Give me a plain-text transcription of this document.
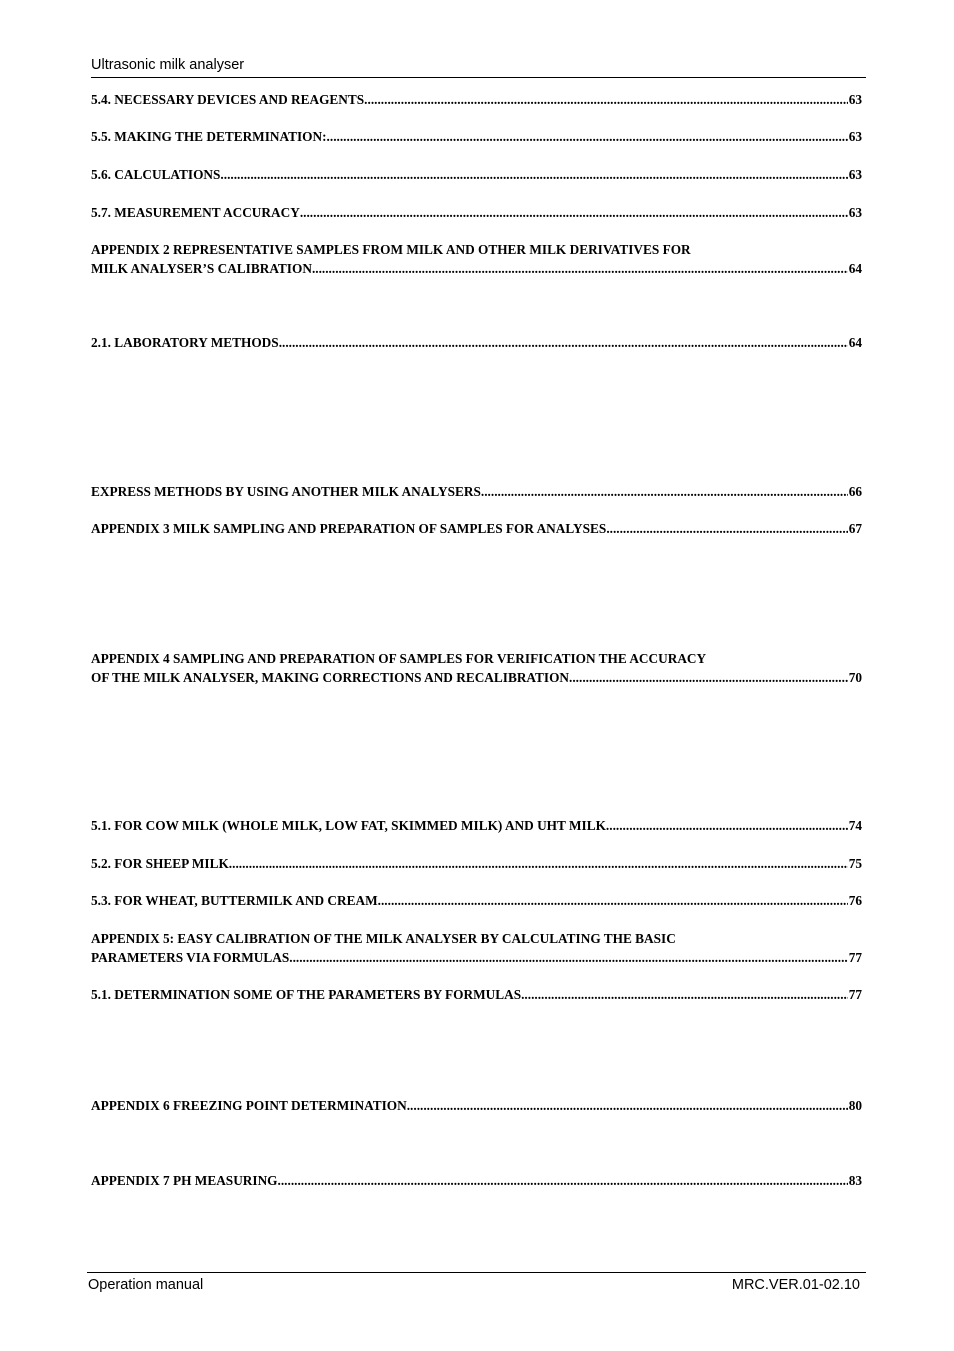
Ultrasonic milk analyser
5.4. NECESSARY DEVICES AND REAGENTS .....	63
5.5. MAKING THE DETERMINATION: .....	63
5.6. CALCULATIONS .....	63
5.7. MEASUREMENT ACCURACY .....	63
APPENDIX 2 REPRESENTATIVE SAMPLES FROM MILK AND OTHER MILK DERIVATIVES FOR
MILK ANALYSER’S CALIBRATION .....	64
2.1. LABORATORY METHODS .....	64
EXPRESS METHODS BY USING ANOTHER MILK ANALYSERS .....	66
APPENDIX 3 MILK SAMPLING AND PREPARATION OF SAMPLES FOR ANALYSES .....	67
APPENDIX 4 SAMPLING AND PREPARATION OF SAMPLES FOR VERIFICATION THE ACCURACY
OF THE MILK ANALYSER, MAKING CORRECTIONS AND RECALIBRATION. .....	70
5.1. FOR COW MILK (WHOLE MILK, LOW FAT, SKIMMED MILK) AND UHT MILK .....	74
5.2. FOR SHEEP MILK .....	75
5.3. FOR WHEAT, BUTTERMILK AND CREAM .....	76
APPENDIX 5: EASY CALIBRATION OF THE MILK ANALYSER BY CALCULATING THE BASIC
PARAMETERS VIA FORMULAS .....	77
5.1. DETERMINATION SOME OF THE PARAMETERS BY FORMULAS .....	77
APPENDIX 6 FREEZING POINT DETERMINATION .....	80
APPENDIX 7 PH MEASURING .....	83
Operation manual	MRC.VER.01-02.10
